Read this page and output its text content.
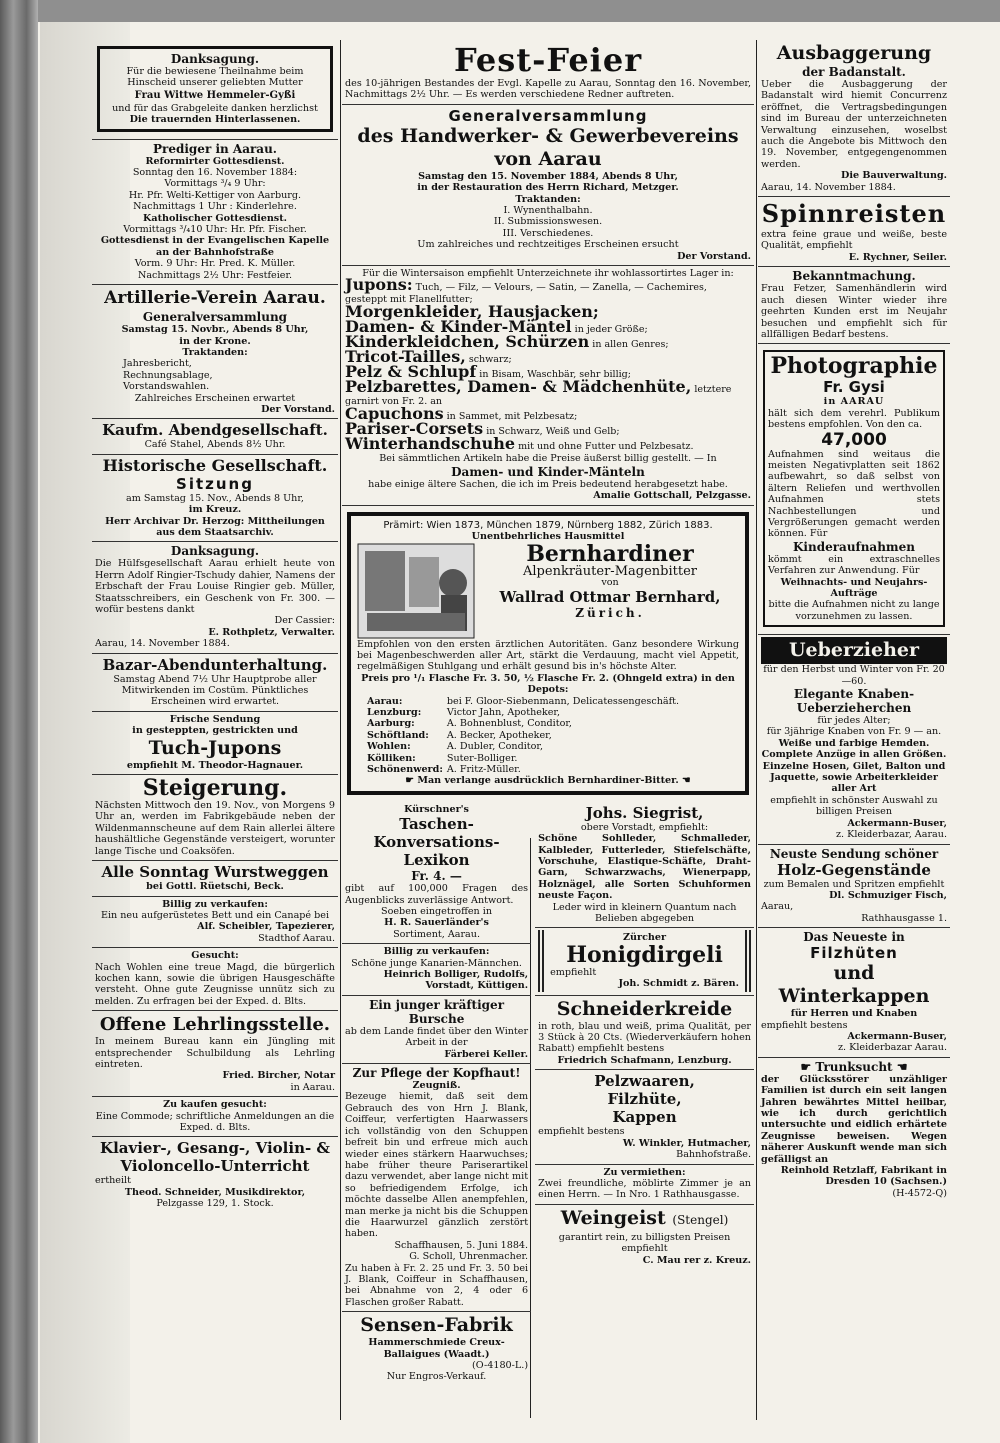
Danksagung.

Für die bewiesene Theilnahme beim Hinscheid unserer geliebten Mutter

Frau Wittwe Hemmeler-Gyßi

und für das Grabgeleite danken herzlichst

Die trauernden Hinterlassenen.

Prediger in Aarau.

Reformirter Gottesdienst.

Sonntag den 16. November 1884:

Vormittags ³/₄ 9 Uhr:

Hr. Pfr. Welti-Kettiger von Aarburg.

Nachmittags 1 Uhr : Kinderlehre.

Katholischer Gottesdienst.

Vormittags ³/₄10 Uhr: Hr. Pfr. Fischer.

Gottesdienst in der Evangelischen Kapelle an der Bahnhofstraße

Vorm. 9 Uhr: Hr. Pred. K. Müller.

Nachmittags 2½ Uhr: Festfeier.

Artillerie-Verein Aarau.

Generalversammlung

Samstag 15. Novbr., Abends 8 Uhr,

in der Krone.

Traktanden:

Jahresbericht,

Rechnungsablage,

Vorstandswahlen.

Zahlreiches Erscheinen erwartet

Der Vorstand.

Kaufm. Abendgesellschaft.

Café Stahel, Abends 8½ Uhr.

Historische Gesellschaft.

Sitzung

am Samstag 15. Nov., Abends 8 Uhr,

im Kreuz.

Herr Archivar Dr. Herzog: Mittheilungen aus dem Staatsarchiv.

Danksagung.

Die Hülfsgesellschaft Aarau erhielt heute von Herrn Adolf Ringier-Tschudy dahier, Namens der Erbschaft der Frau Louise Ringier geb. Müller, Staatsschreibers, ein Geschenk von Fr. 300. — wofür bestens dankt

Der Cassier:

E. Rothpletz, Verwalter.

Aarau, 14. November 1884.

Bazar-Abendunterhaltung.

Samstag Abend 7½ Uhr Hauptprobe aller Mitwirkenden im Costüm. Pünktliches Erscheinen wird erwartet.

Frische Sendung

in gesteppten, gestrickten und

Tuch-Jupons

empfiehlt M. Theodor-Hagnauer.

Steigerung.

Nächsten Mittwoch den 19. Nov., von Morgens 9 Uhr an, werden im Fabrikgebäude neben der Wildenmannscheune auf dem Rain allerlei ältere haushältliche Gegenstände versteigert, worunter lange Tische und Coaksöfen.

Alle Sonntag Wurstweggen

bei Gottl. Rüetschi, Beck.

Billig zu verkaufen:

Ein neu aufgerüstetes Bett und ein Canapé bei

Alf. Scheibler, Tapezierer,

Stadthof Aarau.

Gesucht:

Nach Wohlen eine treue Magd, die bürgerlich kochen kann, sowie die übrigen Hausgeschäfte versteht. Ohne gute Zeugnisse unnütz sich zu melden. Zu erfragen bei der Exped. d. Blts.

Offene Lehrlingsstelle.

In meinem Bureau kann ein Jüngling mit entsprechender Schulbildung als Lehrling eintreten.

Fried. Bircher, Notar

in Aarau.

Zu kaufen gesucht:

Eine Commode; schriftliche Anmeldungen an die Exped. d. Blts.

Klavier-, Gesang-, Violin- & Violoncello-Unterricht

ertheilt

Theod. Schneider, Musikdirektor,

Pelzgasse 129, 1. Stock.

Fest-Feier

des 10-jährigen Bestandes der Evgl. Kapelle zu Aarau, Sonntag den 16. November, Nachmittags 2½ Uhr. — Es werden verschiedene Redner auftreten.

Generalversammlung

des Handwerker- & Gewerbevereins von Aarau

Samstag den 15. November 1884, Abends 8 Uhr,

in der Restauration des Herrn Richard, Metzger.

Traktanden:

I. Wynenthalbahn.

II. Submissionswesen.

III. Verschiedenes.

Um zahlreiches und rechtzeitiges Erscheinen ersucht

Der Vorstand.

Für die Wintersaison empfiehlt Unterzeichnete ihr wohlassortirtes Lager in:

Jupons: Tuch, — Filz, — Velours, — Satin, — Zanella, — Cachemires, gesteppt mit Flanellfutter;
Morgenkleider, Hausjacken;
Damen- & Kinder-Mäntel in jeder Größe;
Kinderkleidchen, Schürzen in allen Genres;
Tricot-Tailles, schwarz;
Pelz & Schlupf in Bisam, Waschbär, sehr billig;
Pelzbarettes, Damen- & Mädchenhüte, letztere garnirt von Fr. 2. an
Capuchons in Sammet, mit Pelzbesatz;
Pariser-Corsets in Schwarz, Weiß und Gelb;
Winterhandschuhe mit und ohne Futter und Pelzbesatz.

Bei sämmtlichen Artikeln habe die Preise äußerst billig gestellt. — In

Damen- und Kinder-Mänteln

habe einige ältere Sachen, die ich im Preis bedeutend herabgesetzt habe.

Amalie Gottschall, Pelzgasse.

Prämirt: Wien 1873, München 1879, Nürnberg 1882, Zürich 1883.

Unentbehrliches Hausmittel

Bernhardiner

Alpenkräuter-Magenbitter

von

Wallrad Ottmar Bernhard,

Zürich.

Empfohlen von den ersten ärztlichen Autoritäten. Ganz besondere Wirkung bei Magenbeschwerden aller Art, stärkt die Verdauung, macht viel Appetit, regelmäßigen Stuhlgang und erhält gesund bis in's höchste Alter.

Preis pro ¹/₁ Flasche Fr. 3. 50, ½ Flasche Fr. 2. (Ohngeld extra) in den Depots:

Aarau:	bei F. Gloor-Siebenmann, Delicatessengeschäft.
Lenzburg:	Victor Jahn, Apotheker,
Aarburg:	A. Bohnenblust, Conditor,
Schöftland:	A. Becker, Apotheker,
Wohlen:	A. Dubler, Conditor,
Kölliken:	Suter-Bolliger.
Schönenwerd: A. Fritz-Müller.

☛ Man verlange ausdrücklich Bernhardiner-Bitter. ☚

Kürschner's

Taschen-Konversations-Lexikon

Fr. 4. —

gibt auf 100,000 Fragen des Augenblicks zuverlässige Antwort.

Soeben eingetroffen in

H. R. Sauerländer's

Sortiment, Aarau.

Billig zu verkaufen:

Schöne junge Kanarien-Männchen.

Heinrich Bolliger, Rudolfs,

Vorstadt, Küttigen.

Ein junger kräftiger Bursche

ab dem Lande findet über den Winter Arbeit in der

Färberei Keller.

Zur Pflege der Kopfhaut!

Zeugniß.

Bezeuge hiemit, daß seit dem Gebrauch des von Hrn J. Blank, Coiffeur, verfertigten Haarwassers ich vollständig von den Schuppen befreit bin und erfreue mich auch wieder eines stärkern Haarwuchses; habe früher theure Pariserartikel dazu verwendet, aber lange nicht mit so befriedigendem Erfolge, ich möchte dasselbe Allen anempfehlen, man merke ja nicht bis die Schuppen die Haarwurzel gänzlich zerstört haben.

Schaffhausen, 5. Juni 1884.

G. Scholl, Uhrenmacher.

Zu haben à Fr. 2. 25 und Fr. 3. 50 bei J. Blank, Coiffeur in Schaffhausen, bei Abnahme von 2, 4 oder 6 Flaschen großer Rabatt.

Sensen-Fabrik

Hammerschmiede Creux-Ballaigues (Waadt.)

(O-4180-L.)

Nur Engros-Verkauf.

Johs. Siegrist,

obere Vorstadt, empfiehlt:

Schöne Sohlleder, Schmalleder, Kalbleder, Futterleder, Stiefelschäfte, Vorschuhe, Elastique-Schäfte, Draht-Garn, Schwarzwachs, Wienerpapp, Holznägel, alle Sorten Schuhformen neuste Façon.

Leder wird in kleinern Quantum nach Belieben abgegeben

Zürcher

Honigdirgeli

empfiehlt

Joh. Schmidt z. Bären.

Schneiderkreide

in roth, blau und weiß, prima Qualität, per 3 Stück à 20 Cts. (Wiederverkäufern hohen Rabatt) empfiehlt bestens

Friedrich Schafmann, Lenzburg.

Pelzwaaren,

Filzhüte,

Kappen

empfiehlt bestens

W. Winkler, Hutmacher,

Bahnhofstraße.

Zu vermiethen:

Zwei freundliche, möblirte Zimmer je an einen Herrn. — In Nro. 1 Rathhausgasse.

Weingeist (Stengel)

garantirt rein, zu billigsten Preisen empfiehlt

C. Mau rer z. Kreuz.

Ausbaggerung

der Badanstalt.

Ueber die Ausbaggerung der Badanstalt wird hiemit Concurrenz eröffnet, die Vertragsbedingungen sind im Bureau der unterzeichneten Verwaltung einzusehen, woselbst auch die Angebote bis Mittwoch den 19. November, entgegengenommen werden.

Die Bauverwaltung.

Aarau, 14. November 1884.

Spinnreisten

extra feine graue und weiße, beste Qualität, empfiehlt

E. Rychner, Seiler.

Bekanntmachung.

Frau Fetzer, Samenhändlerin wird auch diesen Winter wieder ihre geehrten Kunden erst im Neujahr besuchen und empfiehlt sich für allfälligen Bedarf bestens.

Photographie

Fr. Gysi

in AARAU

hält sich dem verehrl. Publikum bestens empfohlen. Von den ca.

47,000

Aufnahmen sind weitaus die meisten Negativplatten seit 1862 aufbewahrt, so daß selbst von ältern Reliefen und werthvollen Aufnahmen stets Nachbestellungen und Vergrößerungen gemacht werden können. Für

Kinderaufnahmen

kömmt ein extraschnelles Verfahren zur Anwendung. Für

Weihnachts- und Neujahrs-Aufträge

bitte die Aufnahmen nicht zu lange vorzunehmen zu lassen.

Ueberzieher

für den Herbst und Winter von Fr. 20—60.

Elegante Knaben-Ueberzieherchen

für jedes Alter;

für 3jährige Knaben von Fr. 9 — an.

Weiße und farbige Hemden.

Complete Anzüge in allen Größen.

Einzelne Hosen, Gilet, Balton und Jaquette, sowie Arbeiterkleider aller Art

empfiehlt in schönster Auswahl zu billigen Preisen

Ackermann-Buser,

z. Kleiderbazar, Aarau.

Neuste Sendung schöner

Holz-Gegenstände

zum Bemalen und Spritzen empfiehlt

Dl. Schmuziger Fisch,

Aarau,

Rathhausgasse 1.

Das Neueste in

Filzhüten

und Winterkappen

für Herren und Knaben

empfiehlt bestens

Ackermann-Buser,

z. Kleiderbazar Aarau.

☛ Trunksucht ☚

der Glücksstörer unzähliger Familien ist durch ein seit langen Jahren bewährtes Mittel heilbar, wie ich durch gerichtlich untersuchte und eidlich erhärtete Zeugnisse beweisen. Wegen näherer Auskunft wende man sich gefälligst an

Reinhold Retzlaff, Fabrikant in Dresden 10 (Sachsen.)

(H-4572-Q)
